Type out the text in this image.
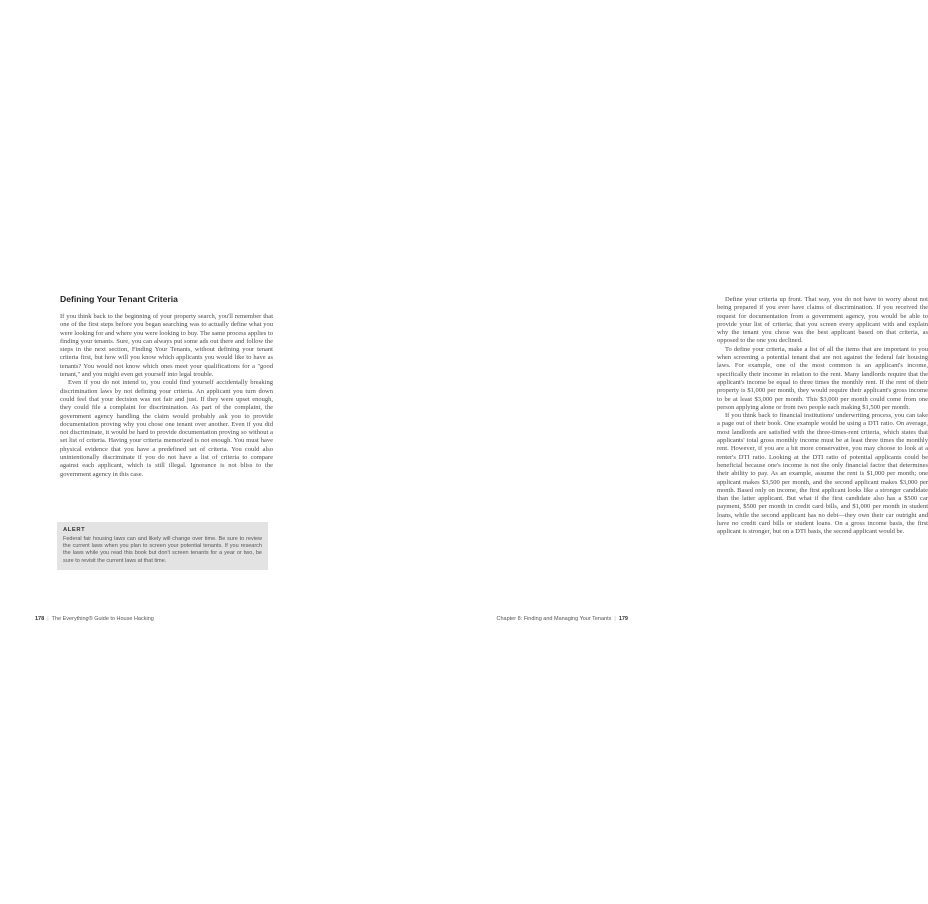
Defining Your Tenant Criteria

If you think back to the beginning of your property search, you'll remember that one of the first steps before you began searching was to actually define what you were looking for and where you were looking to buy. The same process applies to finding your tenants. Sure, you can always put some ads out there and follow the steps in the next section, Finding Your Tenants, without defining your tenant criteria first, but how will you know which applicants you would like to have as tenants? You would not know which ones meet your qualifications for a "good tenant," and you might even get yourself into legal trouble.

Even if you do not intend to, you could find yourself accidentally breaking discrimination laws by not defining your criteria. An applicant you turn down could feel that your decision was not fair and just. If they were upset enough, they could file a complaint for discrimination. As part of the complaint, the government agency handling the claim would probably ask you to provide documentation proving why you chose one tenant over another. Even if you did not discriminate, it would be hard to provide documentation proving so without a set list of criteria. Having your criteria memorized is not enough. You must have physical evidence that you have a predefined set of criteria. You could also unintentionally discriminate if you do not have a list of criteria to compare against each applicant, which is still illegal. Ignorance is not bliss to the government agency in this case.

ALERT
Federal fair housing laws can and likely will change over time. Be sure to review the current laws when you plan to screen your potential tenants. If you research the laws while you read this book but don't screen tenants for a year or two, be sure to revisit the current laws at that time.
178 | The Everything® Guide to House Hacking

Define your criteria up front. That way, you do not have to worry about not being prepared if you ever have claims of discrimination. If you received the request for documentation from a government agency, you would be able to provide your list of criteria; that you screen every applicant with and explain why the tenant you chose was the best applicant based on that criteria, as opposed to the one you declined.

To define your criteria, make a list of all the items that are important to you when screening a potential tenant that are not against the federal fair housing laws. For example, one of the most common is an applicant's income, specifically their income in relation to the rent. Many landlords require that the applicant's income be equal to three times the monthly rent. If the rent of their property is $1,000 per month, they would require their applicant's gross income to be at least $3,000 per month. This $3,000 per month could come from one person applying alone or from two people each making $1,500 per month.

If you think back to financial institutions' underwriting process, you can take a page out of their book. One example would be using a DTI ratio. On average, most landlords are satisfied with the three-times-rent criteria, which states that applicants' total gross monthly income must be at least three times the monthly rent. However, if you are a bit more conservative, you may choose to look at a renter's DTI ratio. Looking at the DTI ratio of potential applicants could be beneficial because one's income is not the only financial factor that determines their ability to pay. As an example, assume the rent is $1,000 per month; one applicant makes $3,500 per month, and the second applicant makes $3,000 per month. Based only on income, the first applicant looks like a stronger candidate than the latter applicant. But what if the first candidate also has a $500 car payment, $500 per month in credit card bills, and $1,000 per month in student loans, while the second applicant has no debt—they own their car outright and have no credit card bills or student loans. On a gross income basis, the first applicant is stronger, but on a DTI basis, the second applicant would be.

Chapter 8: Finding and Managing Your Tenants | 179
